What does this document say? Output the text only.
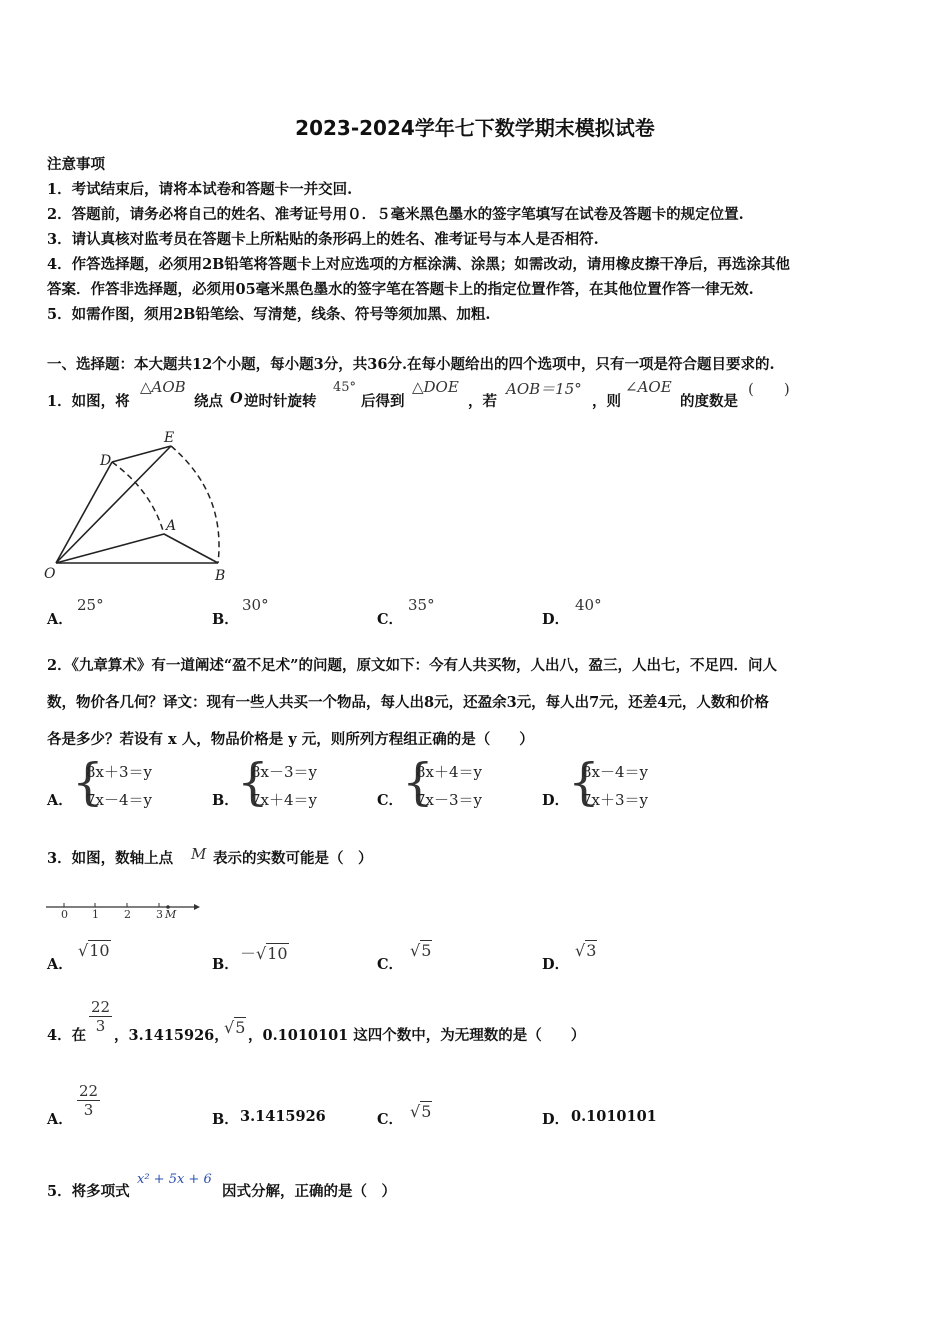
2023-2024学年七下数学期末模拟试卷
注意事项
1．考试结束后，请将本试卷和答题卡一并交回.
2．答题前，请务必将自己的姓名、准考证号用０．５毫米黑色墨水的签字笔填写在试卷及答题卡的规定位置.
3．请认真核对监考员在答题卡上所粘贴的条形码上的姓名、准考证号与本人是否相符.
4．作答选择题，必须用2B铅笔将答题卡上对应选项的方框涂满、涂黑；如需改动，请用橡皮擦干净后，再选涂其他
答案．作答非选择题，必须用05毫米黑色墨水的签字笔在答题卡上的指定位置作答，在其他位置作答一律无效.
5．如需作图，须用2B铅笔绘、写清楚，线条、符号等须加黑、加粗.
一、选择题：本大题共12个小题，每小题3分，共36分.在每小题给出的四个选项中，只有一项是符合题目要求的.
1．如图，将
△AOB
绕点 O 逆时针旋转
45°
后得到
△DOE
，若
AOB＝15°
，则
∠AOE
的度数是
(　　)
E
D
A
O	B
A．
25°
B．
30°
C．
35°
D．
40°
2．《九章算术》有一道阐述“盈不足术”的问题，原文如下：今有人共买物，人出八，盈三，人出七，不足四．问人
数，物价各几何？译文：现有一些人共买一个物品，每人出8元，还盈余3元，每人出7元，还差4元，人数和价格
各是多少？若设有 x 人，物品价格是 y 元，则所列方程组正确的是（　　）
A． {
8x＋3＝y
7x－4＝y	B．
{
8x－3＝y
7x＋4＝y	C．
{
8x＋4＝y
7x－3＝y	D．
{
8x－4＝y
7x＋3＝y
3．如图，数轴上点 M 表示的实数可能是（　）
0 1 2 3 M
A．
√10
B．
－√10
C．
√5
D．
√3
4．在
$\frac{22}{3}$
，3.1415926，
√5 ，0.1010101 这四个数中，为无理数的是（　　）
A．
$\frac{22}{3}$
B． 3.1415926	C． √5	D． 0.1010101
5．将多项式
x² + 5x + 6
因式分解，正确的是（　）
